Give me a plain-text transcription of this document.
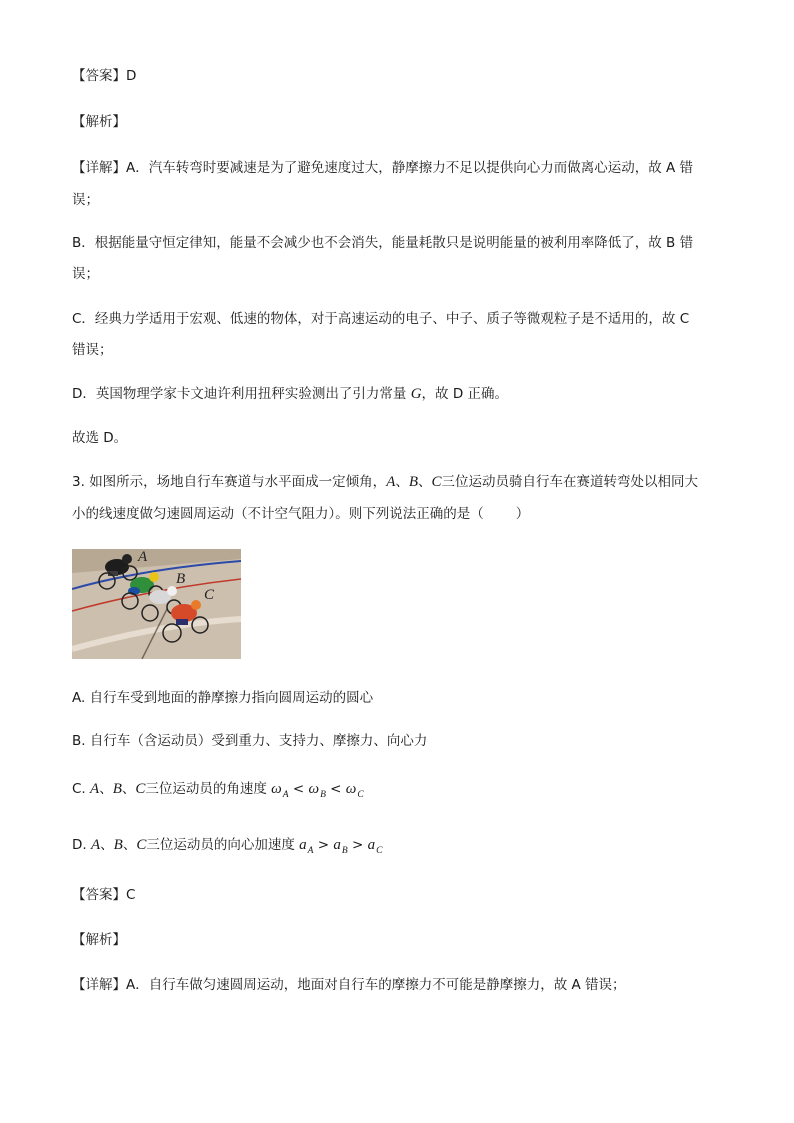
【答案】D
【解析】
【详解】A．汽车转弯时要减速是为了避免速度过大，静摩擦力不足以提供向心力而做离心运动，故 A 错
误；
B．根据能量守恒定律知，能量不会减少也不会消失，能量耗散只是说明能量的被利用率降低了，故 B 错
误；
C．经典力学适用于宏观、低速的物体，对于高速运动的电子、中子、质子等微观粒子是不适用的，故 C
错误；
D．英国物理学家卡文迪许利用扭秤实验测出了引力常量 G，故 D 正确。
故选 D。
3. 如图所示，场地自行车赛道与水平面成一定倾角，A、B、C三位运动员骑自行车在赛道转弯处以相同大
小的线速度做匀速圆周运动（不计空气阻力）。则下列说法正确的是（ ）
A
B
C
A. 自行车受到地面的静摩擦力指向圆周运动的圆心
B. 自行车（含运动员）受到重力、支持力、摩擦力、向心力
C. A、B、C三位运动员的角速度 $\omega_A < \omega_B < \omega_C$
D. A、B、C三位运动员的向心加速度 $a_A > a_B > a_C$
【答案】C
【解析】
【详解】A．自行车做匀速圆周运动，地面对自行车的摩擦力不可能是静摩擦力，故 A 错误；
